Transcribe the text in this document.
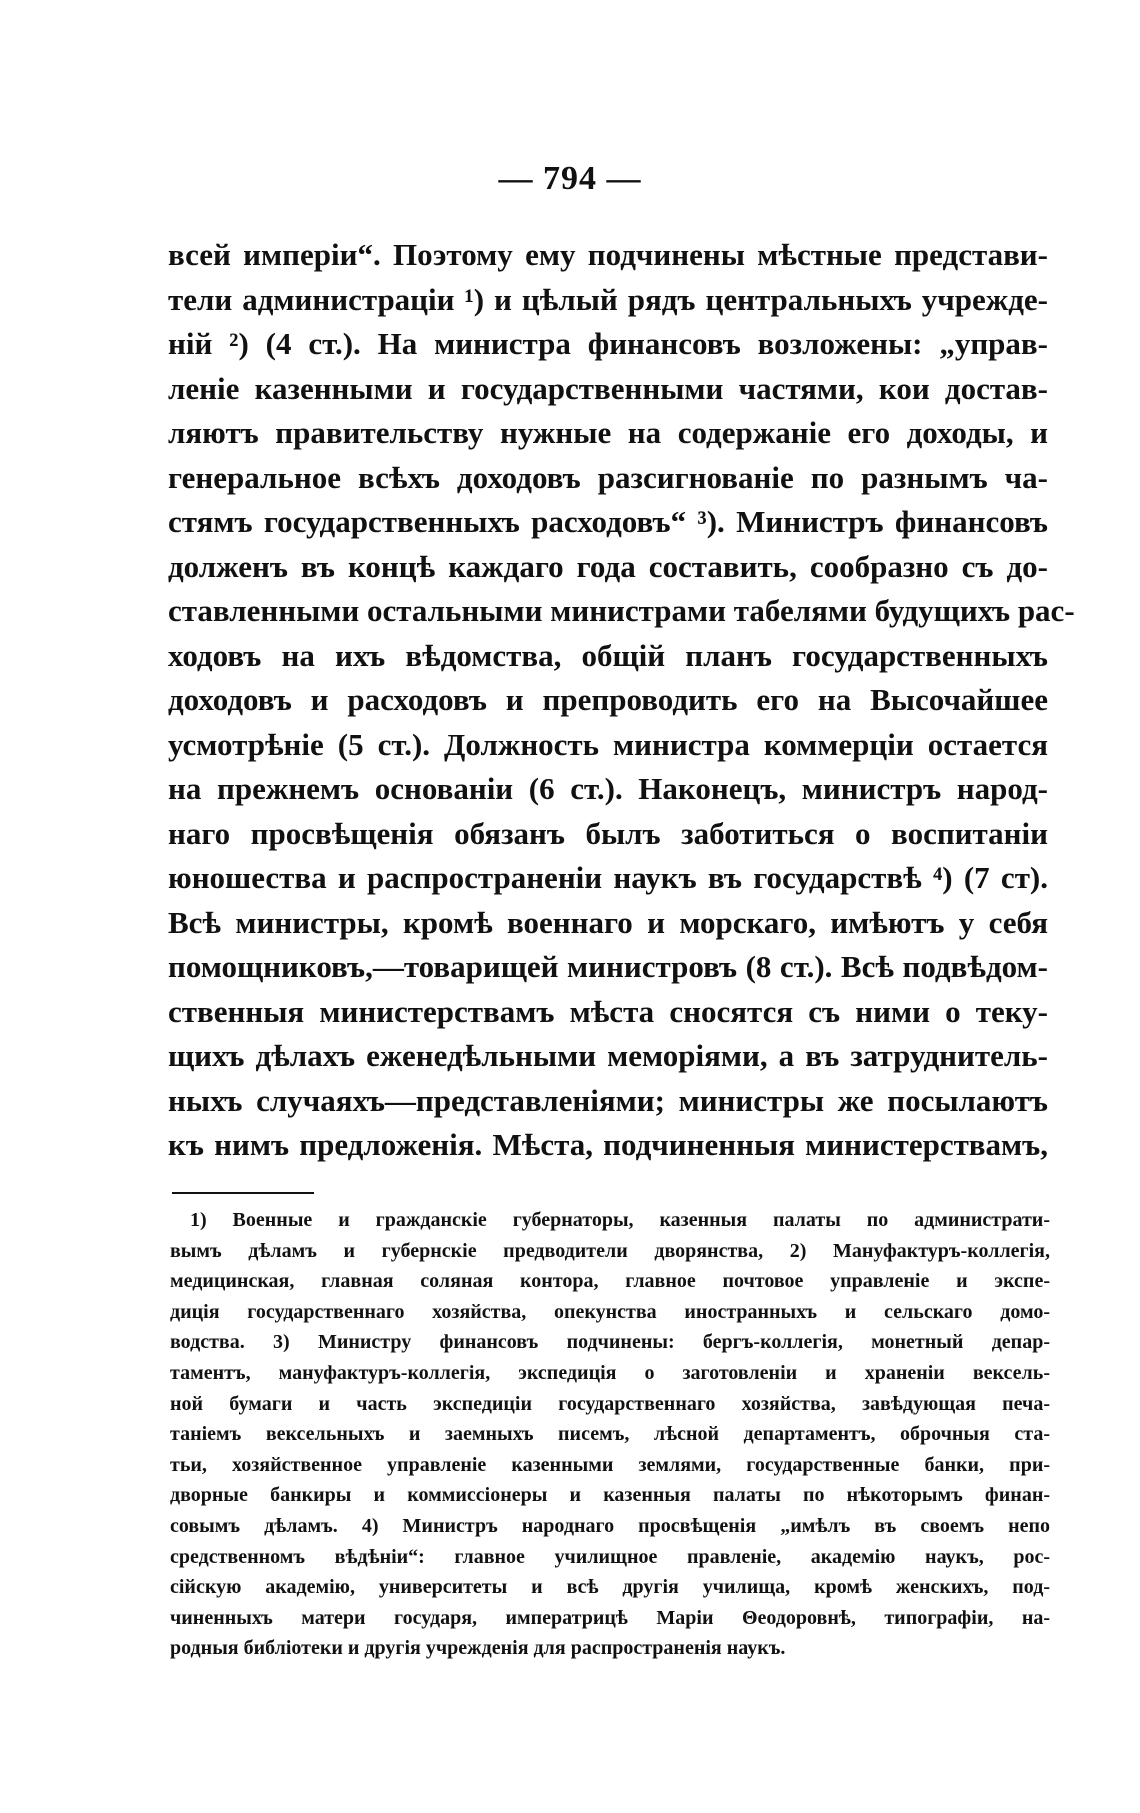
— 794 —
всей имперіи“. Поэтому ему подчинены мѣстные представи-
тели администраціи ¹) и цѣлый рядъ центральныхъ учрежде-
ній ²) (4 ст.). На министра финансовъ возложены: „управ-
леніе казенными и государственными частями, кои достав-
ляютъ правительству нужные на содержаніе его доходы, и
генеральное всѣхъ доходовъ разсигнованіе по разнымъ ча-
стямъ государственныхъ расходовъ“ ³). Министръ финансовъ
долженъ въ концѣ каждаго года составить, сообразно съ до-
ставленными остальными министрами табелями будущихъ рас-
ходовъ на ихъ вѣдомства, общій планъ государственныхъ
доходовъ и расходовъ и препроводить его на Высочайшее
усмотрѣніе (5 ст.). Должность министра коммерціи остается
на прежнемъ основаніи (6 ст.). Наконецъ, министръ народ-
наго просвѣщенія обязанъ былъ заботиться о воспитаніи
юношества и распространеніи наукъ въ государствѣ ⁴) (7 ст).
Всѣ министры, кромѣ военнаго и морскаго, имѣютъ у себя
помощниковъ,—товарищей министровъ (8 ст.). Всѣ подвѣдом-
ственныя министерствамъ мѣста сносятся съ ними о теку-
щихъ дѣлахъ еженедѣльными меморіями, а въ затруднитель-
ныхъ случаяхъ—представленіями; министры же посылаютъ
къ нимъ предложенія. Мѣста, подчиненныя министерствамъ,
1) Военные и гражданскіе губернаторы, казенныя палаты по администрати-
вымъ дѣламъ и губернскіе предводители дворянства, 2) Мануфактуръ-коллегія,
медицинская, главная соляная контора, главное почтовое управленіе и экспе-
диція государственнаго хозяйства, опекунства иностранныхъ и сельскаго домо-
водства. 3) Министру финансовъ подчинены: бергъ-коллегія, монетный депар-
таментъ, мануфактуръ-коллегія, экспедиція о заготовленіи и храненіи вексель-
ной бумаги и часть экспедиціи государственнаго хозяйства, завѣдующая печа-
таніемъ вексельныхъ и заемныхъ писемъ, лѣсной департаментъ, оброчныя ста-
тьи, хозяйственное управленіе казенными землями, государственные банки, при-
дворные банкиры и коммиссіонеры и казенныя палаты по нѣкоторымъ финан-
совымъ дѣламъ. 4) Министръ народнаго просвѣщенія „имѣлъ въ своемъ непо
средственномъ вѣдѣніи“: главное училищное правленіе, академію наукъ, рос-
сійскую академію, университеты и всѣ другія училища, кромѣ женскихъ, под-
чиненныхъ матери государя, императрицѣ Маріи Θеодоровнѣ, типографіи, на-
родныя библіотеки и другія учрежденія для распространенія наукъ.
